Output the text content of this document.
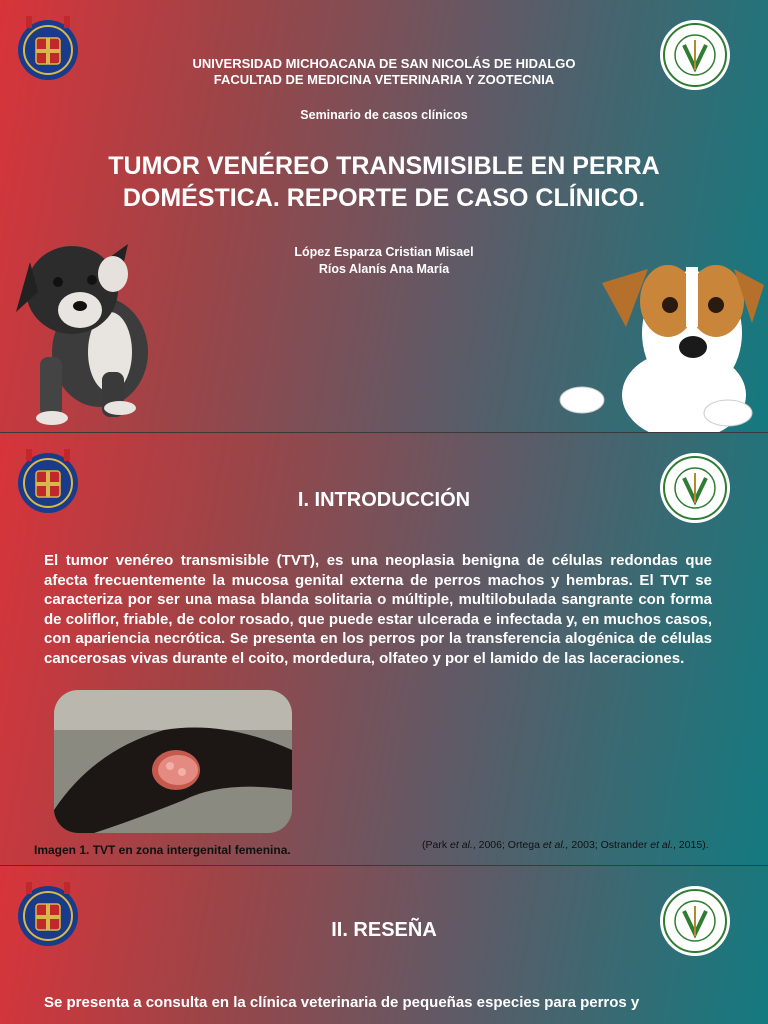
UNIVERSIDAD MICHOACANA DE SAN NICOLÁS DE HIDALGO
FACULTAD DE MEDICINA VETERINARIA Y ZOOTECNIA
Seminario de casos clínicos
TUMOR VENÉREO TRANSMISIBLE EN PERRA
DOMÉSTICA. REPORTE DE CASO CLÍNICO.
López Esparza Cristian Misael
Ríos Alanís Ana María
I. INTRODUCCIÓN
El tumor venéreo transmisible (TVT), es una neoplasia benigna de células redondas que afecta frecuentemente la mucosa genital externa de perros machos y hembras. El TVT se caracteriza por ser una masa blanda solitaria o múltiple, multilobulada sangrante con forma de coliflor, friable, de color rosado, que puede estar ulcerada e infectada y, en muchos casos, con apariencia necrótica. Se presenta en los perros por la transferencia alogénica de células cancerosas vivas durante el coito, mordedura, olfateo y por el lamido de las laceraciones.
Imagen 1. TVT en zona intergenital femenina.	(Park et al., 2006; Ortega et al., 2003; Ostrander et al., 2015).
II. RESEÑA
Se presenta a consulta en la clínica veterinaria de pequeñas especies para perros y
